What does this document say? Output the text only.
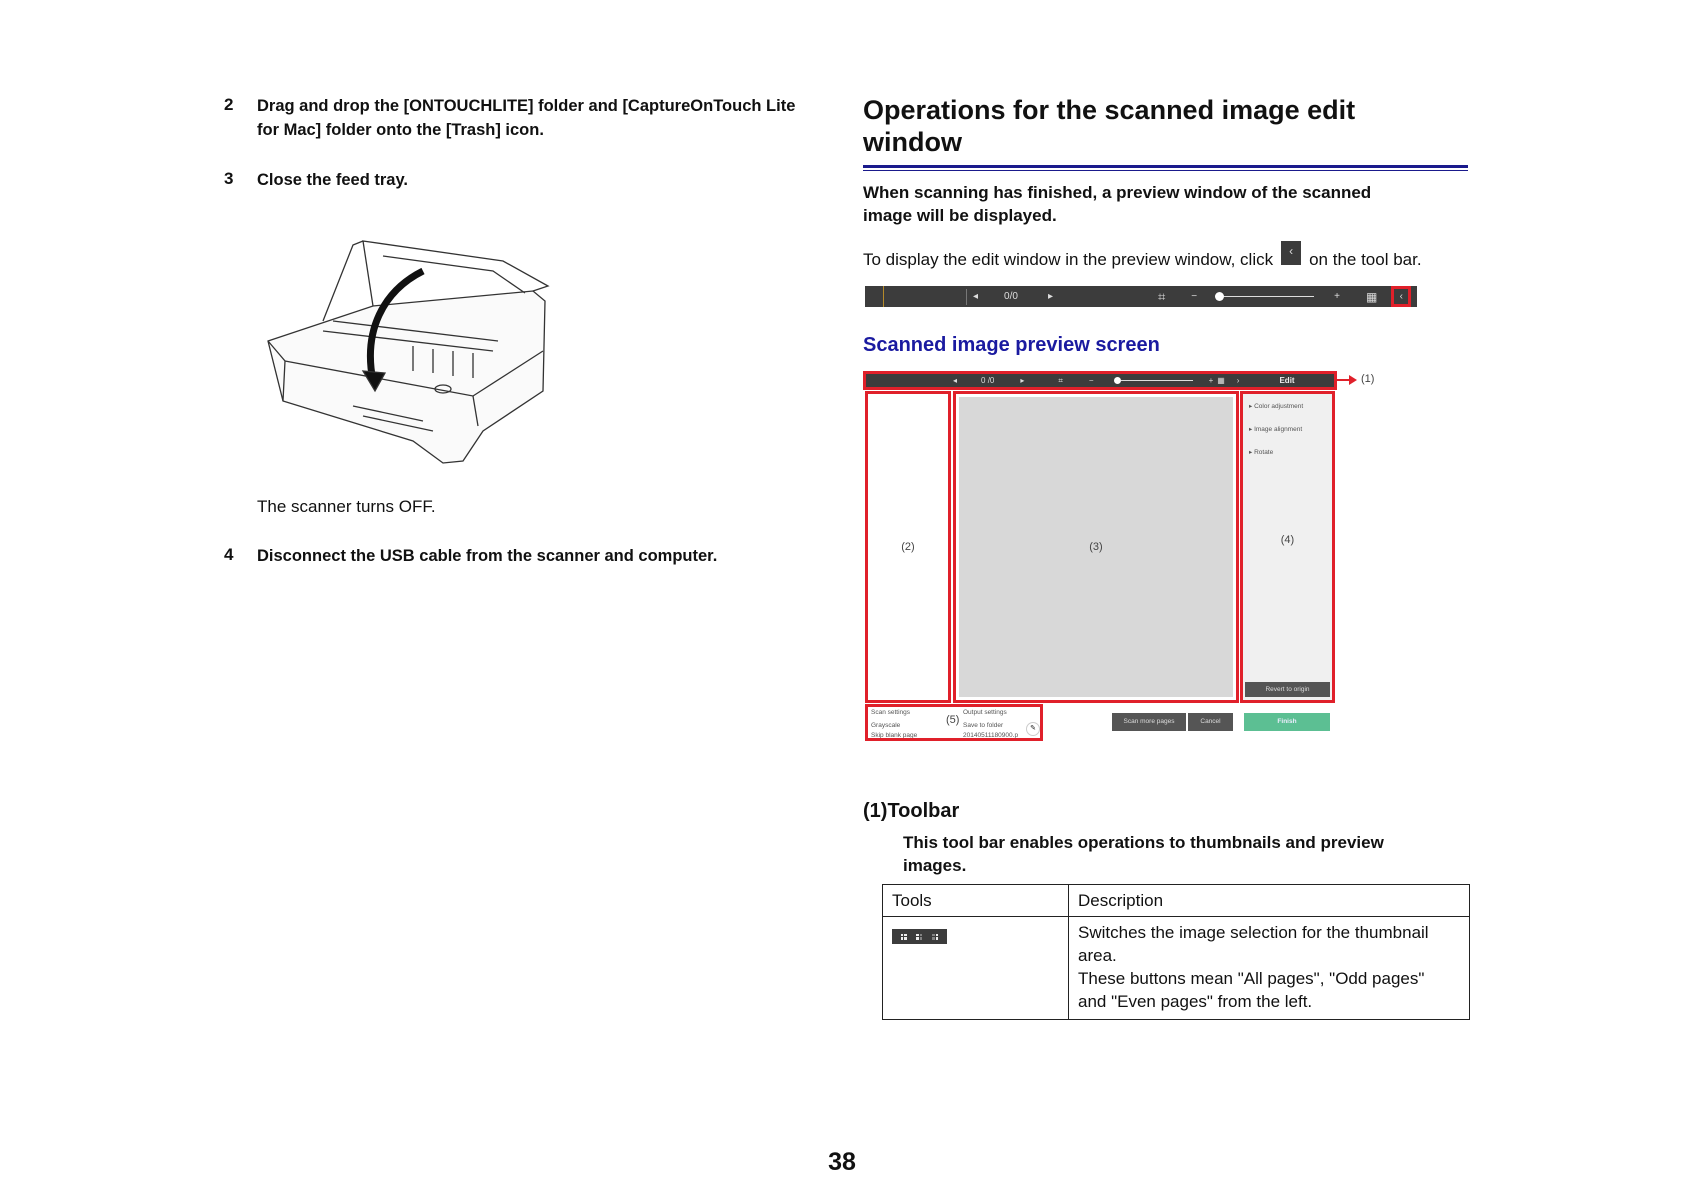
2 Drag and drop the [ONTOUCHLITE] folder and [CaptureOnTouch Lite
for Mac] folder onto the [Trash] icon.
3 Close the feed tray.
The scanner turns OFF.
4 Disconnect the USB cable from the scanner and computer.
Operations for the scanned image edit
window
When scanning has finished, a preview window of the scanned
image will be displayed.
To display the edit window in the preview window, click	‹ on the tool bar.
◂	0/0	▸	⌗	−	+ ▦	‹
Scanned image preview screen
◂	0 /0	▸	⌗	−	+ ▦ ›	Edit	(1)
(2)	(3)
▸ Color adjustment
▸ Image alignment
▸ Rotate
(4)
Revert to origin
Scan settings
Grayscale
Skip blank page
(5)
Output settings
Save to folder
20140511180900.p
✎
Scan more pages	Cancel	Finish
(1)Toolbar
This tool bar enables operations to thumbnails and preview
images.
Tools	Description

	Switches the image selection for the thumbnail
area.
These buttons mean "All pages", "Odd pages"
and "Even pages" from the left.
38
